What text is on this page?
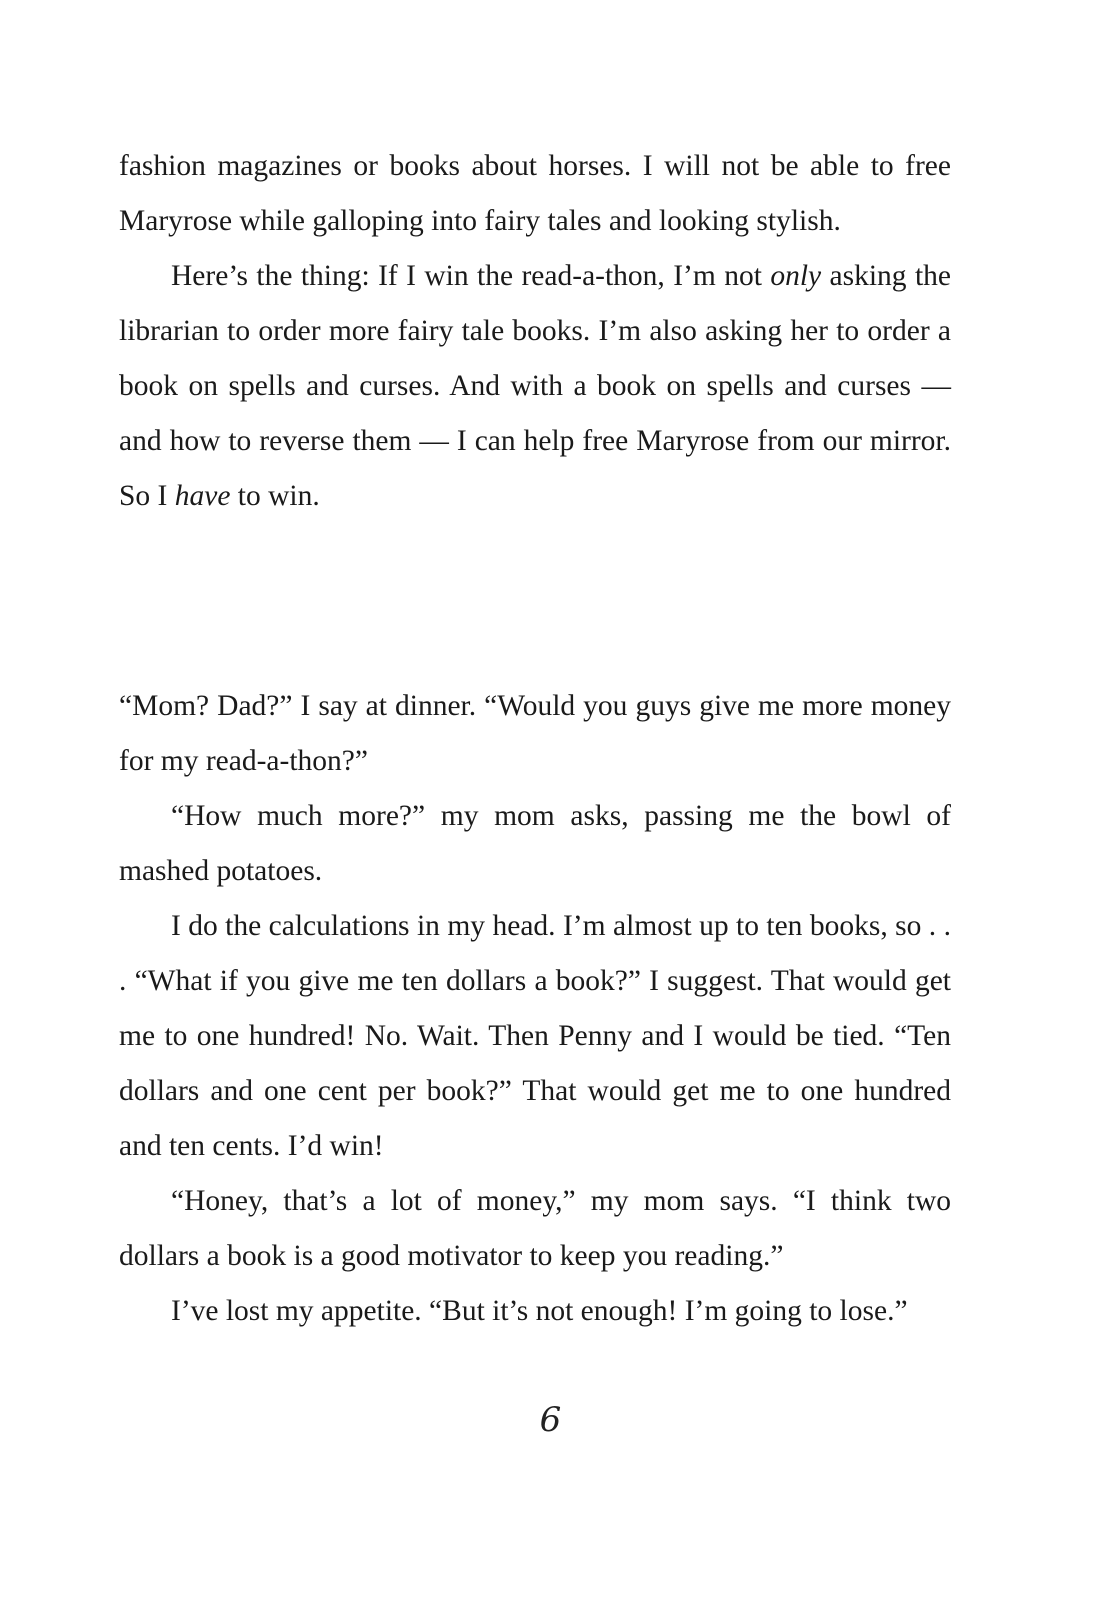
fashion magazines or books about horses. I will not be able to free Maryrose while galloping into fairy tales and looking stylish.

Here’s the thing: If I win the read-a-thon, I’m not only asking the librarian to order more fairy tale books. I’m also asking her to order a book on spells and curses. And with a book on spells and curses — and how to reverse them — I can help free Maryrose from our mirror. So I have to win.

“Mom? Dad?” I say at dinner. “Would you guys give me more money for my read-a-thon?”

“How much more?” my mom asks, passing me the bowl of mashed potatoes.

I do the calculations in my head. I’m almost up to ten books, so . . . “What if you give me ten dollars a book?” I suggest. That would get me to one hundred! No. Wait. Then Penny and I would be tied. “Ten dollars and one cent per book?” That would get me to one hundred and ten cents. I’d win!

“Honey, that’s a lot of money,” my mom says. “I think two dollars a book is a good motivator to keep you reading.”

I’ve lost my appetite. “But it’s not enough! I’m going to lose.”

6
